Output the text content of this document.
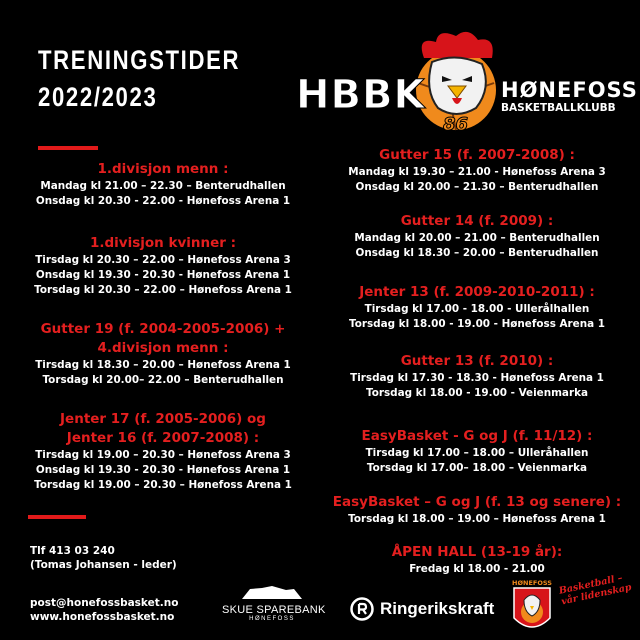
TRENINGSTIDER
2022/2023	HBBK
86
HØNEFOSS
BASKETBALLKLUBB
1.divisjon menn :
Mandag kl 21.00 – 22.30 – Benterudhallen
Onsdag kl 20.30 - 22.00 - Hønefoss Arena 1
1.divisjon kvinner :
Tirsdag kl 20.30 – 22.00 – Hønefoss Arena 3
Onsdag kl 19.30 - 20.30 - Hønefoss Arena 1
Torsdag kl 20.30 – 22.00 – Hønefoss Arena 1
Gutter 19 (f. 2004-2005-2006) +
4.divisjon menn :
Tirsdag kl 18.30 – 20.00 – Hønefoss Arena 1
Torsdag kl 20.00– 22.00 – Benterudhallen
Jenter 17 (f. 2005-2006) og
Jenter 16 (f. 2007-2008) :
Tirsdag kl 19.00 – 20.30 – Hønefoss Arena 3
Onsdag kl 19.30 - 20.30 - Hønefoss Arena 1
Torsdag kl 19.00 – 20.30 – Hønefoss Arena 1
Gutter 15 (f. 2007-2008) :
Mandag kl 19.30 – 21.00 - Hønefoss Arena 3
Onsdag kl 20.00 – 21.30 – Benterudhallen
Gutter 14 (f. 2009) :
Mandag kl 20.00 – 21.00 – Benterudhallen
Onsdag kl 18.30 – 20.00 – Benterudhallen
Jenter 13 (f. 2009-2010-2011) :
Tirsdag kl 17.00 - 18.00 - Ullerålhallen
Torsdag kl 18.00 - 19.00 - Hønefoss Arena 1
Gutter 13 (f. 2010) :
Tirsdag kl 17.30 - 18.30 - Hønefoss Arena 1
Torsdag kl 18.00 - 19.00 - Veienmarka
EasyBasket - G og J (f. 11/12) :
Tirsdag kl 17.00 – 18.00 – Ulleråhallen
Torsdag kl 17.00– 18.00 – Veienmarka
EasyBasket – G og J (f. 13 og senere) :
Torsdag kl 18.00 – 19.00 – Hønefoss Arena 1
ÅPEN HALL (13-19 år):
Fredag kl 18.00 - 21.00
Tlf 413 03 240
(Tomas Johansen - leder)
post@honefossbasket.no
www.honefossbasket.no
SKUE SPAREBANK
HØNEFOSS
Ringerikskraft
HØNEFOSS Basketball – vår lidenskap
